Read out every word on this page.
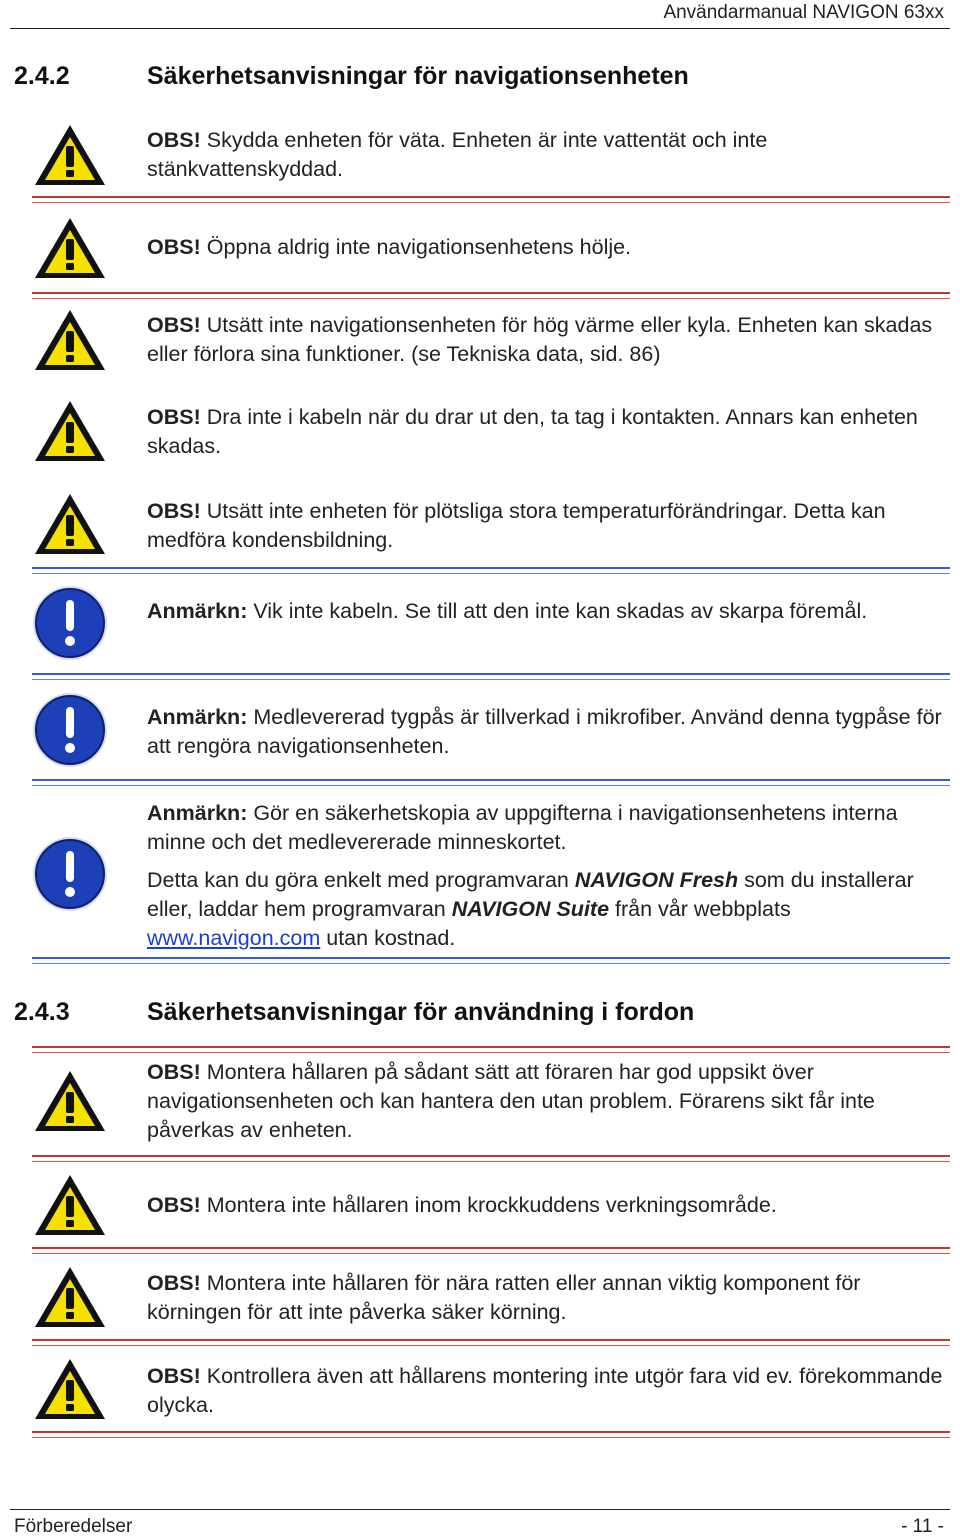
Användarmanual NAVIGON 63xx
2.4.2	Säkerhetsanvisningar för navigationsenheten

OBS! Skydda enheten för väta. Enheten är inte vattentät och inte stänkvattenskyddad.

OBS! Öppna aldrig inte navigationsenhetens hölje.

OBS! Utsätt inte navigationsenheten för hög värme eller kyla. Enheten kan skadas eller förlora sina funktioner. (se Tekniska data, sid. 86)

OBS! Dra inte i kabeln när du drar ut den, ta tag i kontakten. Annars kan enheten skadas.

OBS! Utsätt inte enheten för plötsliga stora temperaturförändringar. Detta kan medföra kondensbildning.

Anmärkn: Vik inte kabeln. Se till att den inte kan skadas av skarpa föremål.

Anmärkn: Medlevererad tygpås är tillverkad i mikrofiber. Använd denna tygpåse för att rengöra navigationsenheten.

Anmärkn: Gör en säkerhetskopia av uppgifterna i navigationsenhetens interna minne och det medlevererade minneskortet.

Detta kan du göra enkelt med programvaran NAVIGON Fresh som du installerar eller, laddar hem programvaran NAVIGON Suite från vår webbplats www.navigon.com utan kostnad.

2.4.3	Säkerhetsanvisningar för användning i fordon

OBS! Montera hållaren på sådant sätt att föraren har god uppsikt över navigationsenheten och kan hantera den utan problem. Förarens sikt får inte påverkas av enheten.

OBS! Montera inte hållaren inom krockkuddens verkningsområde.

OBS! Montera inte hållaren för nära ratten eller annan viktig komponent för körningen för att inte påverka säker körning.

OBS! Kontrollera även att hållarens montering inte utgör fara vid ev. förekommande olycka.

Förberedelser	- 11 -
